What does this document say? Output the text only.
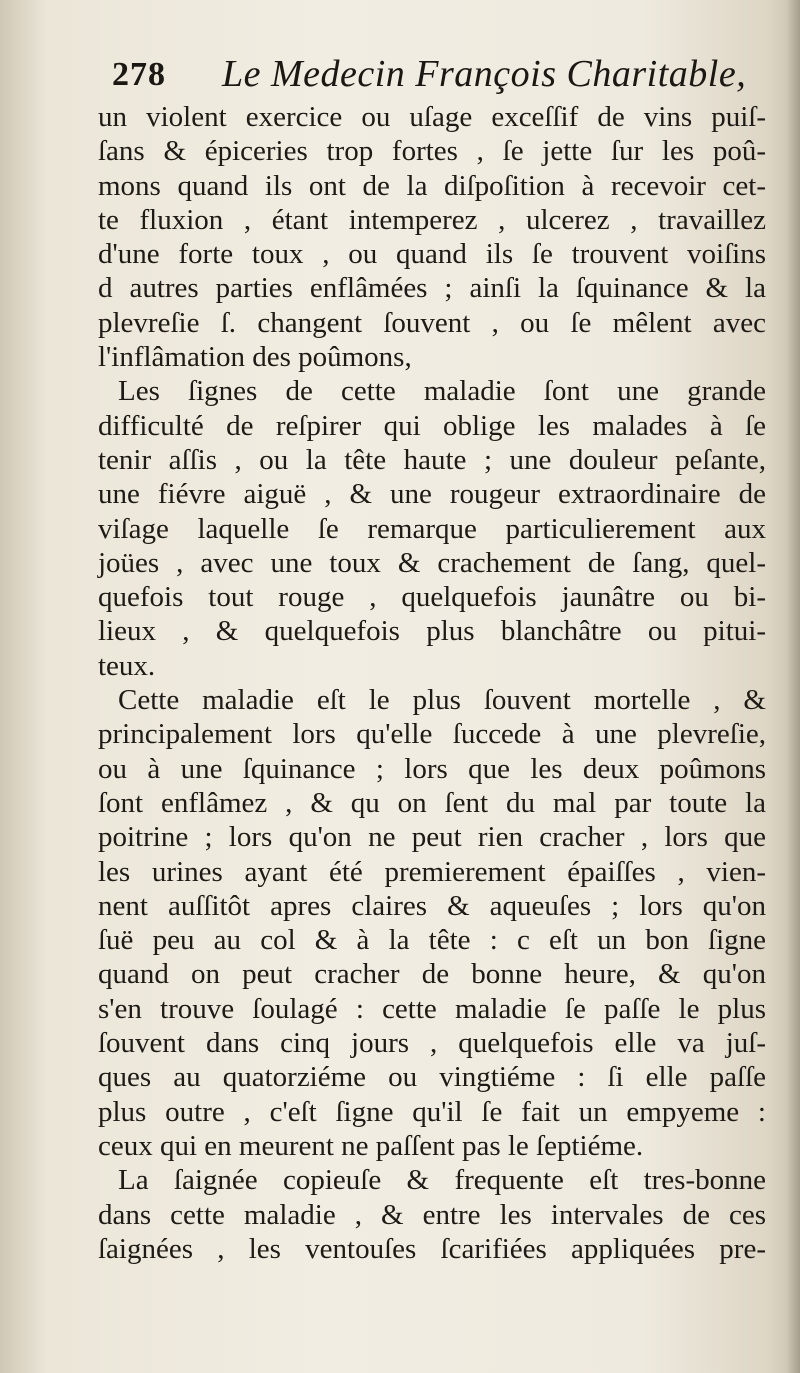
278 Le Medecin François Charitable,
un violent exercice ou uſage exceſſif de vins puiſ-
ſans & épiceries trop fortes , ſe jette ſur les poû-
mons quand ils ont de la diſpoſition à recevoir cet-
te fluxion , étant intemperez , ulcerez , travaillez
d'une forte toux , ou quand ils ſe trouvent voiſins
d autres parties enflâmées ; ainſi la ſquinance & la
plevreſie ſ. changent ſouvent , ou ſe mêlent avec
l'inflâmation des poûmons,
Les ſignes de cette maladie ſont une grande
difficulté de reſpirer qui oblige les malades à ſe
tenir aſſis , ou la tête haute ; une douleur peſante,
une fiévre aiguë , & une rougeur extraordinaire de
viſage laquelle ſe remarque particulierement aux
joües , avec une toux & crachement de ſang, quel-
quefois tout rouge , quelquefois jaunâtre ou bi-
lieux , & quelquefois plus blanchâtre ou pitui-
teux.
Cette maladie eſt le plus ſouvent mortelle , &
principalement lors qu'elle ſuccede à une plevreſie,
ou à une ſquinance ; lors que les deux poûmons
ſont enflâmez , & qu on ſent du mal par toute la
poitrine ; lors qu'on ne peut rien cracher , lors que
les urines ayant été premierement épaiſſes , vien-
nent auſſitôt apres claires & aqueuſes ; lors qu'on
ſuë peu au col & à la tête : c eſt un bon ſigne
quand on peut cracher de bonne heure, & qu'on
s'en trouve ſoulagé : cette maladie ſe paſſe le plus
ſouvent dans cinq jours , quelquefois elle va juſ-
ques au quatorziéme ou vingtiéme : ſi elle paſſe
plus outre , c'eſt ſigne qu'il ſe fait un empyeme :
ceux qui en meurent ne paſſent pas le ſeptiéme.
La ſaignée copieuſe & frequente eſt tres-bonne
dans cette maladie , & entre les intervales de ces
ſaignées , les ventouſes ſcarifiées appliquées pre-
